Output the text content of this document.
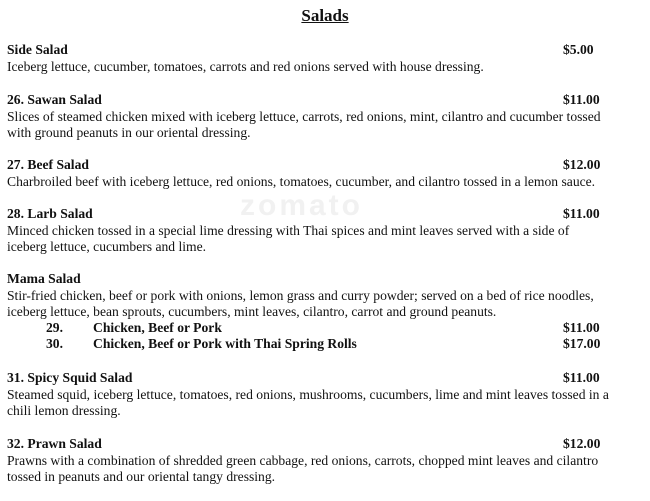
Salads
zomato
Side Salad	$5.00
Iceberg lettuce, cucumber, tomatoes, carrots and red onions served with house dressing.
26. Sawan Salad	$11.00
Slices of steamed chicken mixed with iceberg lettuce, carrots, red onions, mint, cilantro and cucumber tossed
with ground peanuts in our oriental dressing.
27. Beef Salad	$12.00
Charbroiled beef with iceberg lettuce, red onions, tomatoes, cucumber, and cilantro tossed in a lemon sauce.
28. Larb Salad	$11.00
Minced chicken tossed in a special lime dressing with Thai spices and mint leaves served with a side of
iceberg lettuce, cucumbers and lime.
Mama Salad
Stir-fried chicken, beef or pork with onions, lemon grass and curry powder; served on a bed of rice noodles,
iceberg lettuce, bean sprouts, cucumbers, mint leaves, cilantro, carrot and ground peanuts.
29. Chicken, Beef or Pork	$11.00
30. Chicken, Beef or Pork with Thai Spring Rolls	$17.00
31. Spicy Squid Salad	$11.00
Steamed squid, iceberg lettuce, tomatoes, red onions, mushrooms, cucumbers, lime and mint leaves tossed in a
chili lemon dressing.
32. Prawn Salad	$12.00
Prawns with a combination of shredded green cabbage, red onions, carrots, chopped mint leaves and cilantro
tossed in peanuts and our oriental tangy dressing.
